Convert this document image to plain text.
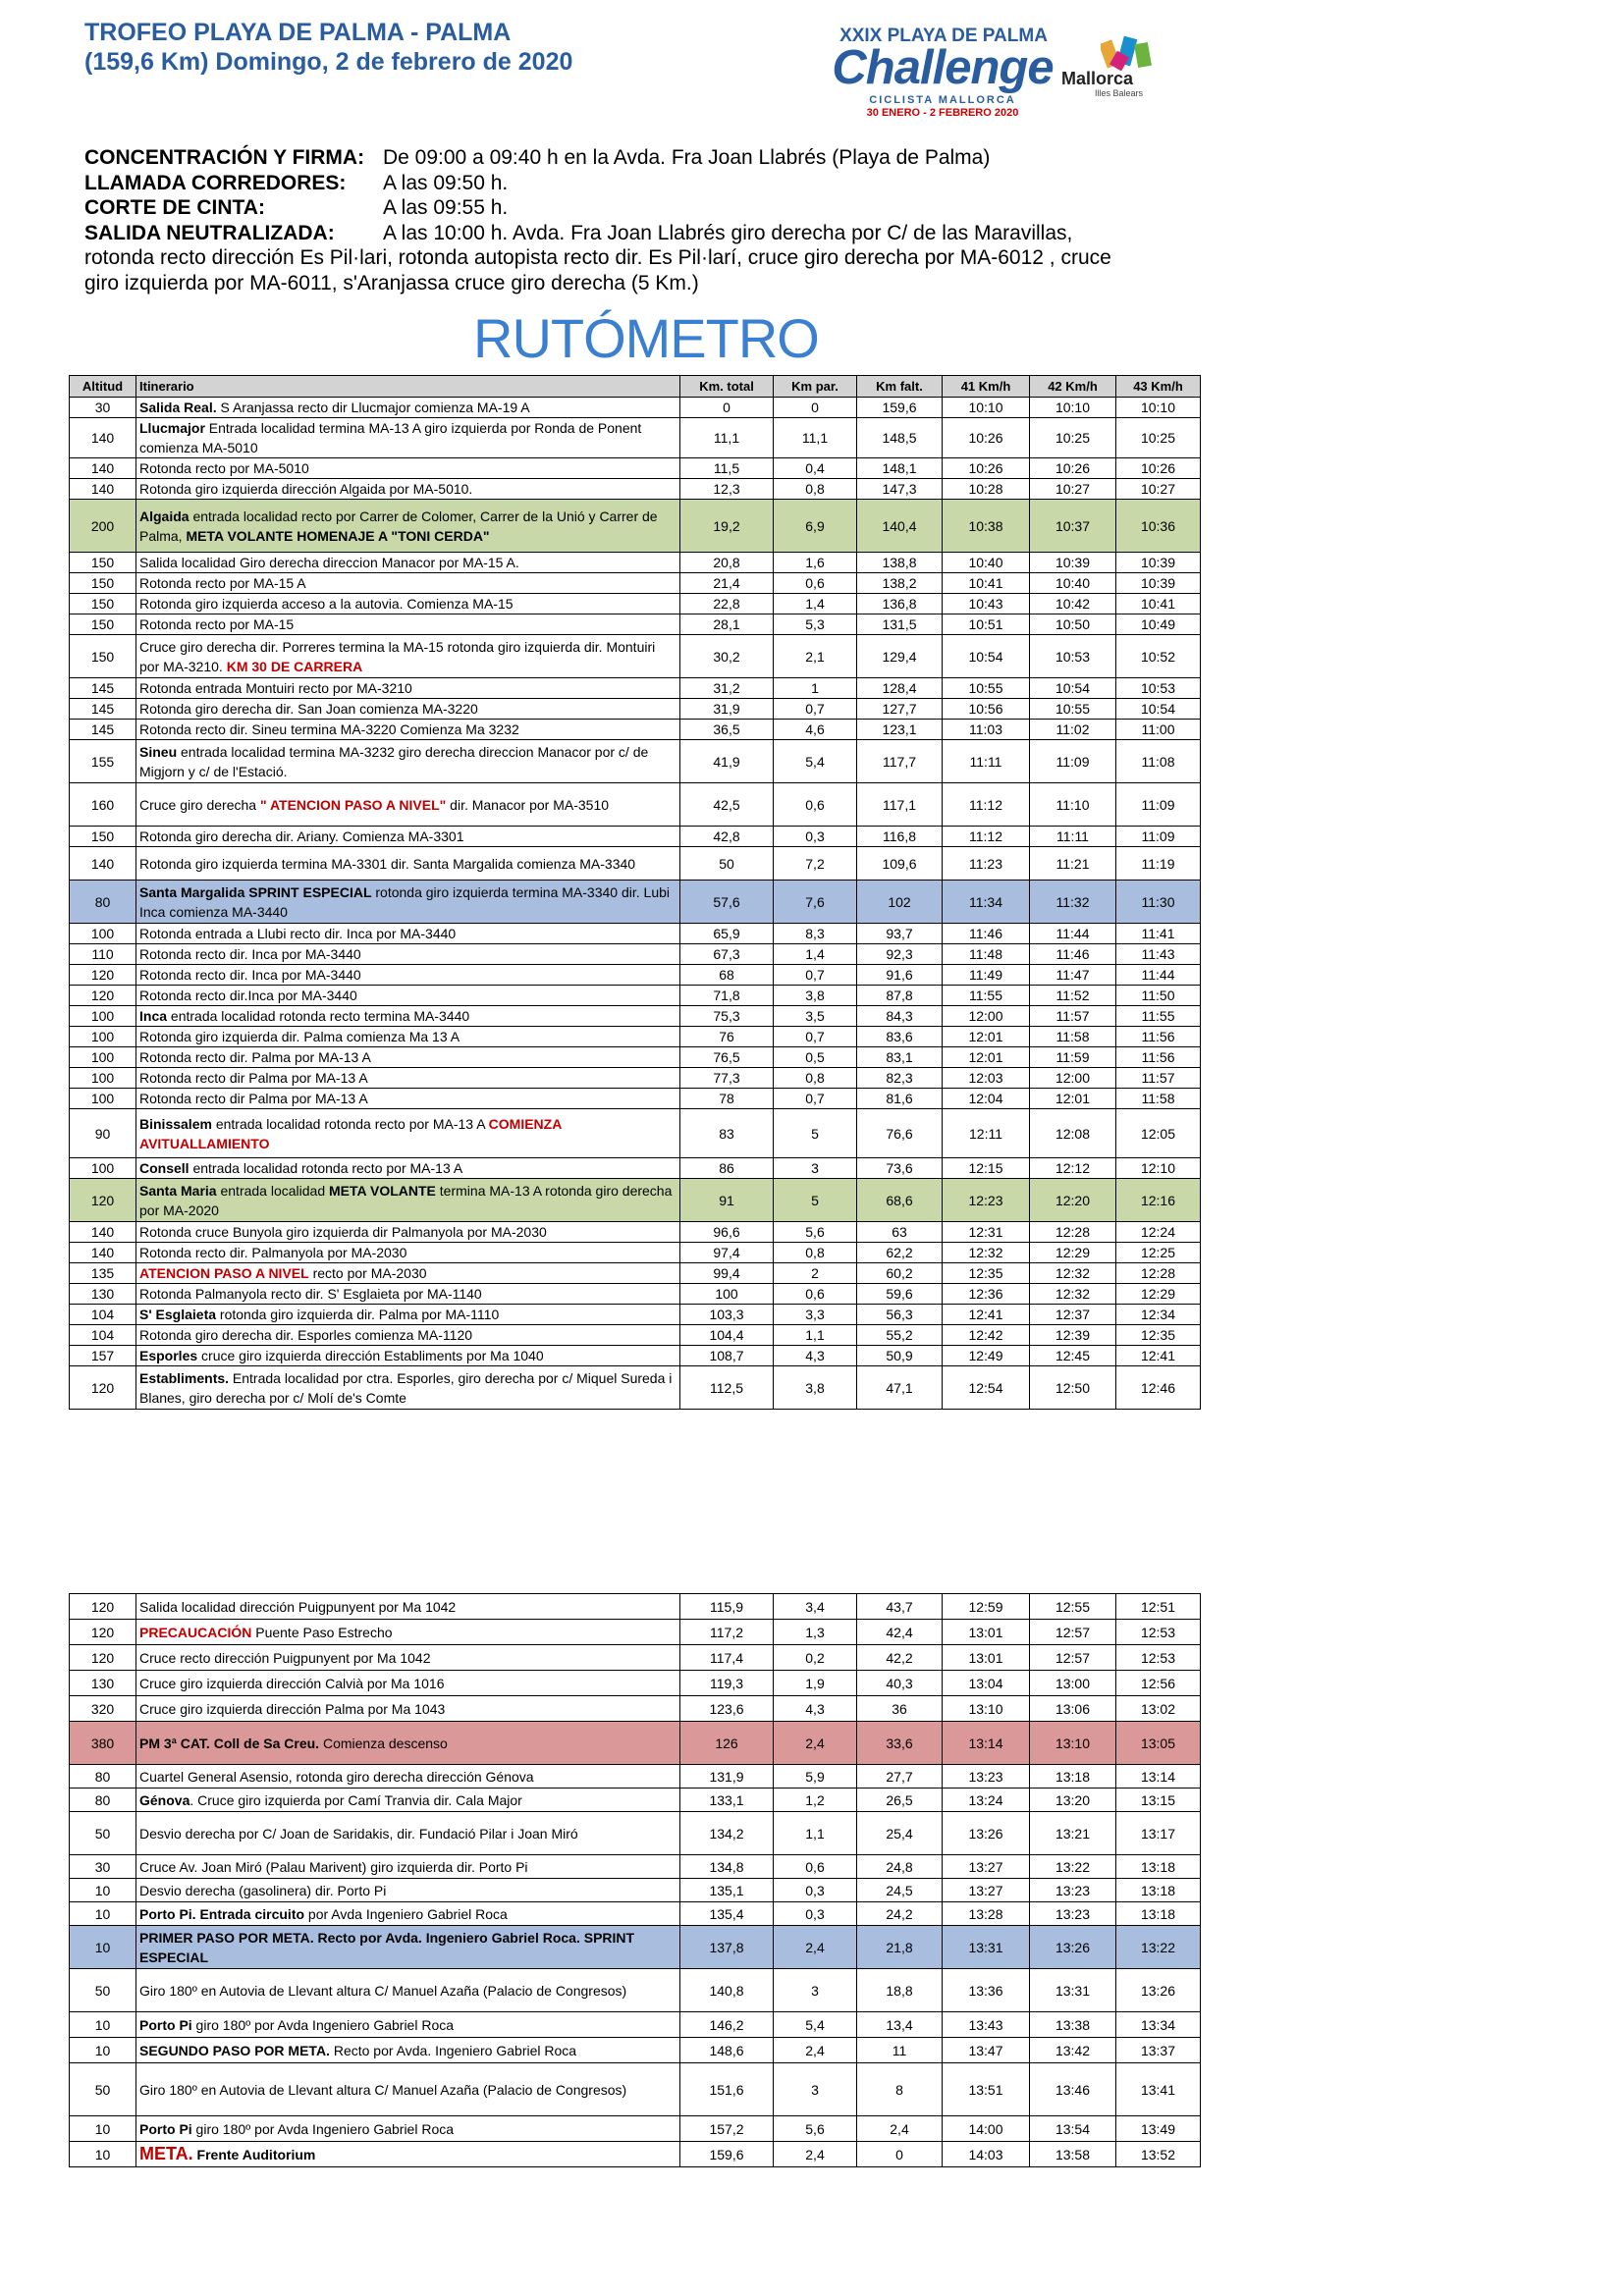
TROFEO PLAYA DE PALMA - PALMA
(159,6 Km) Domingo, 2 de febrero de 2020
XXIX PLAYA DE PALMA
Challenge
CICLISTA MALLORCA
30 ENERO - 2 FEBRERO 2020
Mallorca
Illes Balears
CONCENTRACIÓN Y FIRMA: De 09:00 a 09:40 h en la Avda. Fra Joan Llabrés (Playa de Palma)
LLAMADA CORREDORES: A las 09:50 h.
CORTE DE CINTA:	A las 09:55 h.
SALIDA NEUTRALIZADA: A las 10:00 h. Avda. Fra Joan Llabrés giro derecha por C/ de las Maravillas,
rotonda recto dirección Es Pil·lari, rotonda autopista recto dir. Es Pil·larí, cruce giro derecha por MA-6012 , cruce
giro izquierda por MA-6011, s'Aranjassa cruce giro derecha (5 Km.)
RUTÓMETRO
Altitud	Itinerario	Km. total	Km par.	Km falt.	41 Km/h	42 Km/h	43 Km/h
30	Salida Real. S Aranjassa recto dir Llucmajor comienza MA-19 A	0	0	159,6	10:10	10:10	10:10
140	Llucmajor Entrada localidad termina MA-13 A giro izquierda por Ronda de Ponent comienza MA-5010	11,1	11,1	148,5	10:26	10:25	10:25
140	Rotonda recto por MA-5010	11,5	0,4	148,1	10:26	10:26	10:26
140	Rotonda giro izquierda dirección Algaida por MA-5010.	12,3	0,8	147,3	10:28	10:27	10:27
200	Algaida entrada localidad recto por Carrer de Colomer, Carrer de la Unió y Carrer de Palma, META VOLANTE HOMENAJE A "TONI CERDA"	19,2	6,9	140,4	10:38	10:37	10:36
150	Salida localidad Giro derecha direccion Manacor por MA-15 A.	20,8	1,6	138,8	10:40	10:39	10:39
150	Rotonda recto por MA-15 A	21,4	0,6	138,2	10:41	10:40	10:39
150	Rotonda giro izquierda acceso a la autovia. Comienza MA-15	22,8	1,4	136,8	10:43	10:42	10:41
150	Rotonda recto por MA-15	28,1	5,3	131,5	10:51	10:50	10:49
150	Cruce giro derecha dir. Porreres termina la MA-15 rotonda giro izquierda dir. Montuiri por MA-3210. KM 30 DE CARRERA	30,2	2,1	129,4	10:54	10:53	10:52
145	Rotonda entrada Montuiri recto por MA-3210	31,2	1	128,4	10:55	10:54	10:53
145	Rotonda giro derecha dir. San Joan comienza MA-3220	31,9	0,7	127,7	10:56	10:55	10:54
145	Rotonda recto dir. Sineu termina MA-3220 Comienza Ma 3232	36,5	4,6	123,1	11:03	11:02	11:00
155	Sineu entrada localidad termina MA-3232 giro derecha direccion Manacor por c/ de Migjorn y c/ de l'Estació.	41,9	5,4	117,7	11:11	11:09	11:08
160	Cruce giro derecha " ATENCION PASO A NIVEL" dir. Manacor por MA-3510	42,5	0,6	117,1	11:12	11:10	11:09
150	Rotonda giro derecha dir. Ariany. Comienza MA-3301	42,8	0,3	116,8	11:12	11:11	11:09
140	Rotonda giro izquierda termina MA-3301 dir. Santa Margalida comienza MA-3340	50	7,2	109,6	11:23	11:21	11:19
80	Santa Margalida SPRINT ESPECIAL rotonda giro izquierda termina MA-3340 dir. Lubi Inca comienza MA-3440	57,6	7,6	102	11:34	11:32	11:30
100	Rotonda entrada a Llubi recto dir. Inca por MA-3440	65,9	8,3	93,7	11:46	11:44	11:41
110	Rotonda recto dir. Inca por MA-3440	67,3	1,4	92,3	11:48	11:46	11:43
120	Rotonda recto dir. Inca por MA-3440	68	0,7	91,6	11:49	11:47	11:44
120	Rotonda recto dir.Inca por MA-3440	71,8	3,8	87,8	11:55	11:52	11:50
100	Inca entrada localidad rotonda recto termina MA-3440	75,3	3,5	84,3	12:00	11:57	11:55
100	Rotonda giro izquierda dir. Palma comienza Ma 13 A	76	0,7	83,6	12:01	11:58	11:56
100	Rotonda recto dir. Palma por MA-13 A	76,5	0,5	83,1	12:01	11:59	11:56
100	Rotonda recto dir Palma por MA-13 A	77,3	0,8	82,3	12:03	12:00	11:57
100	Rotonda recto dir Palma por MA-13 A	78	0,7	81,6	12:04	12:01	11:58
90	Binissalem entrada localidad rotonda recto por MA-13 A COMIENZA AVITUALLAMIENTO	83	5	76,6	12:11	12:08	12:05
100	Consell entrada localidad rotonda recto por MA-13 A	86	3	73,6	12:15	12:12	12:10
120	Santa Maria entrada localidad META VOLANTE termina MA-13 A rotonda giro derecha por MA-2020	91	5	68,6	12:23	12:20	12:16
140	Rotonda cruce Bunyola giro izquierda dir Palmanyola por MA-2030	96,6	5,6	63	12:31	12:28	12:24
140	Rotonda recto dir. Palmanyola por MA-2030	97,4	0,8	62,2	12:32	12:29	12:25
135	ATENCION PASO A NIVEL recto por MA-2030	99,4	2	60,2	12:35	12:32	12:28
130	Rotonda Palmanyola recto dir. S' Esglaieta por MA-1140	100	0,6	59,6	12:36	12:32	12:29
104	S' Esglaieta rotonda giro izquierda dir. Palma por MA-1110	103,3	3,3	56,3	12:41	12:37	12:34
104	Rotonda giro derecha dir. Esporles comienza MA-1120	104,4	1,1	55,2	12:42	12:39	12:35
157	Esporles cruce giro izquierda dirección Establiments por Ma 1040	108,7	4,3	50,9	12:49	12:45	12:41
120	Establiments. Entrada localidad por ctra. Esporles, giro derecha por c/ Miquel Sureda i Blanes, giro derecha por c/ Molí de's Comte	112,5	3,8	47,1	12:54	12:50	12:46
120	Salida localidad dirección Puigpunyent por Ma 1042	115,9	3,4	43,7	12:59	12:55	12:51
120	PRECAUCACIÓN Puente Paso Estrecho	117,2	1,3	42,4	13:01	12:57	12:53
120	Cruce recto dirección Puigpunyent por Ma 1042	117,4	0,2	42,2	13:01	12:57	12:53
130	Cruce giro izquierda dirección Calvià por Ma 1016	119,3	1,9	40,3	13:04	13:00	12:56
320	Cruce giro izquierda dirección Palma por Ma 1043	123,6	4,3	36	13:10	13:06	13:02
380	PM 3ª CAT. Coll de Sa Creu. Comienza descenso	126	2,4	33,6	13:14	13:10	13:05
80	Cuartel General Asensio, rotonda giro derecha dirección Génova	131,9	5,9	27,7	13:23	13:18	13:14
80	Génova. Cruce giro izquierda por Camí Tranvia dir. Cala Major	133,1	1,2	26,5	13:24	13:20	13:15
50	Desvio derecha por C/ Joan de Saridakis, dir. Fundació Pilar i Joan Miró	134,2	1,1	25,4	13:26	13:21	13:17
30	Cruce Av. Joan Miró (Palau Marivent) giro izquierda dir. Porto Pi	134,8	0,6	24,8	13:27	13:22	13:18
10	Desvio derecha (gasolinera) dir. Porto Pi	135,1	0,3	24,5	13:27	13:23	13:18
10	Porto Pi. Entrada circuito por Avda Ingeniero Gabriel Roca	135,4	0,3	24,2	13:28	13:23	13:18
10	PRIMER PASO POR META. Recto por Avda. Ingeniero Gabriel Roca. SPRINT ESPECIAL	137,8	2,4	21,8	13:31	13:26	13:22
50	Giro 180º en Autovia de Llevant altura C/ Manuel Azaña (Palacio de Congresos)	140,8	3	18,8	13:36	13:31	13:26
10	Porto Pi giro 180º por Avda Ingeniero Gabriel Roca	146,2	5,4	13,4	13:43	13:38	13:34
10	SEGUNDO PASO POR META. Recto por Avda. Ingeniero Gabriel Roca	148,6	2,4	11	13:47	13:42	13:37
50	Giro 180º en Autovia de Llevant altura C/ Manuel Azaña (Palacio de Congresos)	151,6	3	8	13:51	13:46	13:41
10	Porto Pi giro 180º por Avda Ingeniero Gabriel Roca	157,2	5,6	2,4	14:00	13:54	13:49
10	META. Frente Auditorium	159,6	2,4	0	14:03	13:58	13:52
